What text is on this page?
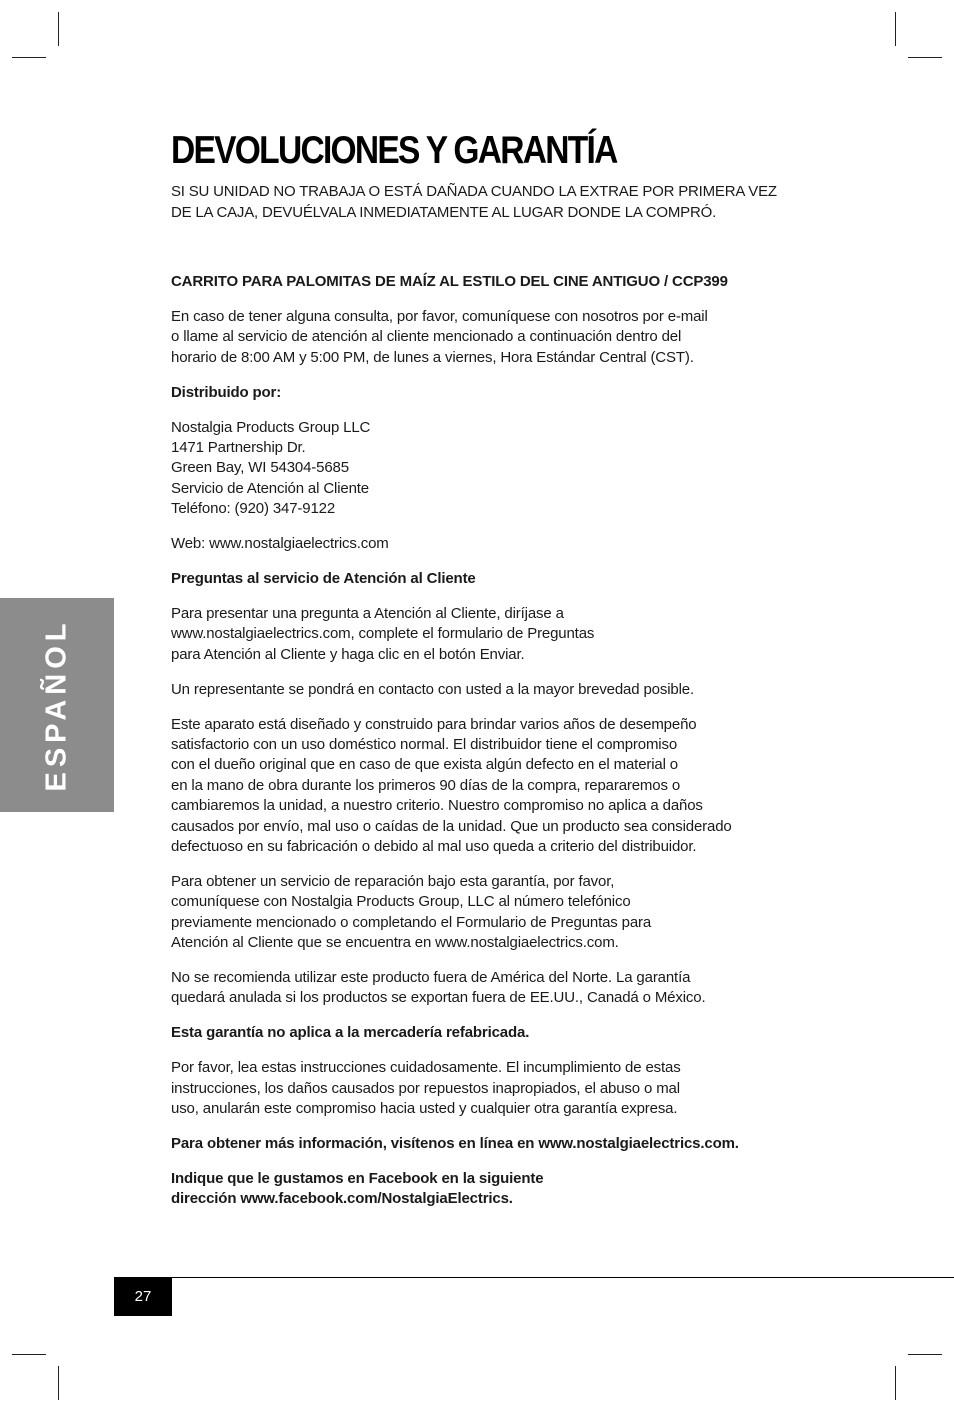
ESPAÑOL
DEVOLUCIONES Y GARANTÍA
SI SU UNIDAD NO TRABAJA O ESTÁ DAÑADA CUANDO LA EXTRAE POR PRIMERA VEZ
DE LA CAJA, DEVUÉLVALA INMEDIATAMENTE AL LUGAR DONDE LA COMPRÓ.

CARRITO PARA PALOMITAS DE MAÍZ AL ESTILO DEL CINE ANTIGUO / CCP399

En caso de tener alguna consulta, por favor, comuníquese con nosotros por e-mail
o llame al servicio de atención al cliente mencionado a continuación dentro del
horario de 8:00 AM y 5:00 PM, de lunes a viernes, Hora Estándar Central (CST).

Distribuido por:

Nostalgia Products Group LLC
1471 Partnership Dr.
Green Bay, WI 54304-5685
Servicio de Atención al Cliente
Teléfono: (920) 347-9122

Web: www.nostalgiaelectrics.com

Preguntas al servicio de Atención al Cliente

Para presentar una pregunta a Atención al Cliente, diríjase a
www.nostalgiaelectrics.com, complete el formulario de Preguntas
para Atención al Cliente y haga clic en el botón Enviar.

Un representante se pondrá en contacto con usted a la mayor brevedad posible.

Este aparato está diseñado y construido para brindar varios años de desempeño
satisfactorio con un uso doméstico normal. El distribuidor tiene el compromiso
con el dueño original que en caso de que exista algún defecto en el material o
en la mano de obra durante los primeros 90 días de la compra, repararemos o
cambiaremos la unidad, a nuestro criterio. Nuestro compromiso no aplica a daños
causados por envío, mal uso o caídas de la unidad. Que un producto sea considerado
defectuoso en su fabricación o debido al mal uso queda a criterio del distribuidor.

Para obtener un servicio de reparación bajo esta garantía, por favor,
comuníquese con Nostalgia Products Group, LLC al número telefónico
previamente mencionado o completando el Formulario de Preguntas para
Atención al Cliente que se encuentra en www.nostalgiaelectrics.com.

No se recomienda utilizar este producto fuera de América del Norte. La garantía
quedará anulada si los productos se exportan fuera de EE.UU., Canadá o México.

Esta garantía no aplica a la mercadería refabricada.

Por favor, lea estas instrucciones cuidadosamente. El incumplimiento de estas
instrucciones, los daños causados por repuestos inapropiados, el abuso o mal
uso, anularán este compromiso hacia usted y cualquier otra garantía expresa.

Para obtener más información, visítenos en línea en www.nostalgiaelectrics.com.

Indique que le gustamos en Facebook en la siguiente
dirección www.facebook.com/NostalgiaElectrics.

27
